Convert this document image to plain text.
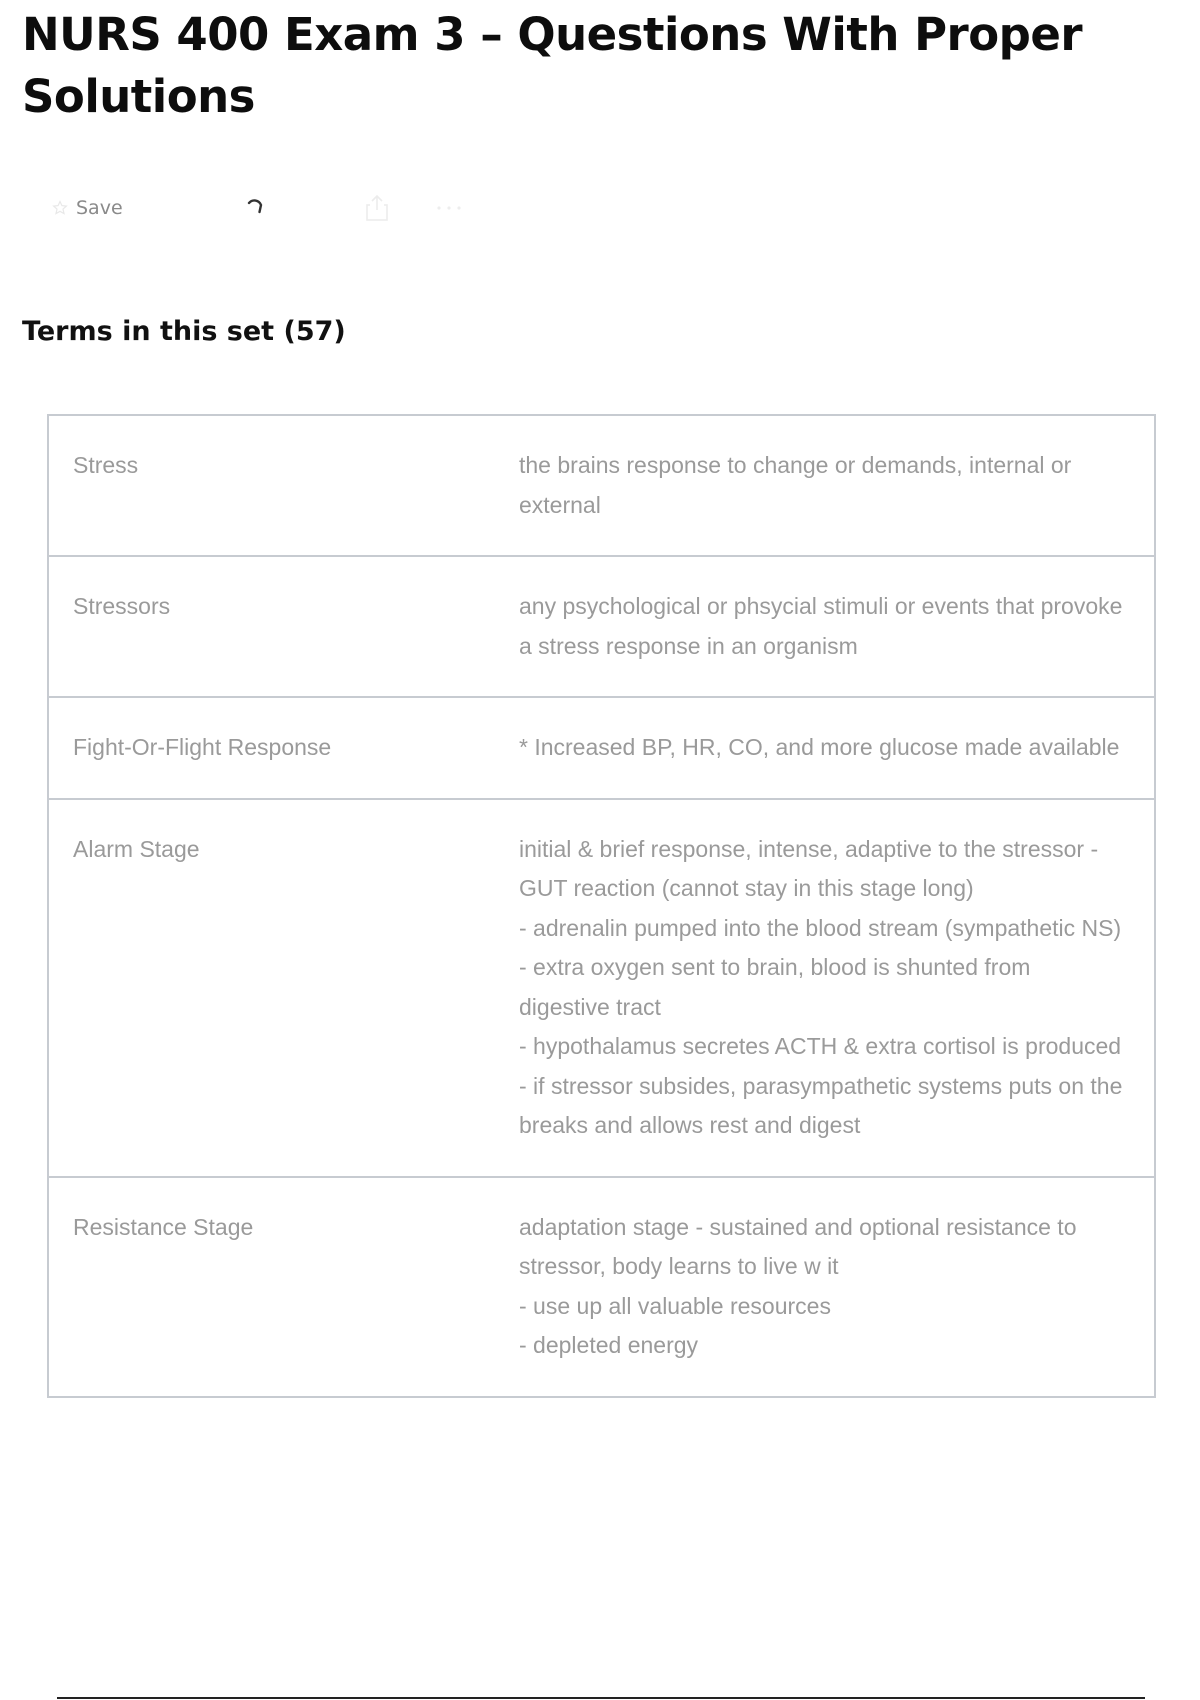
NURS 400 Exam 3 – Questions With Proper Solutions
Save
Terms in this set (57)
Stress	the brains response to change or demands, internal or external
Stressors	any psychological or phsycial stimuli or events that provoke a stress response in an organism
Fight-Or-Flight Response	* Increased BP, HR, CO, and more glucose made available
Alarm Stage	initial & brief response, intense, adaptive to the stressor - GUT reaction (cannot stay in this stage long)
- adrenalin pumped into the blood stream (sympathetic NS)
- extra oxygen sent to brain, blood is shunted from digestive tract
- hypothalamus secretes ACTH & extra cortisol is produced
- if stressor subsides, parasympathetic systems puts on the breaks and allows rest and digest
Resistance Stage	adaptation stage - sustained and optional resistance to stressor, body learns to live w it
- use up all valuable resources
- depleted energy
